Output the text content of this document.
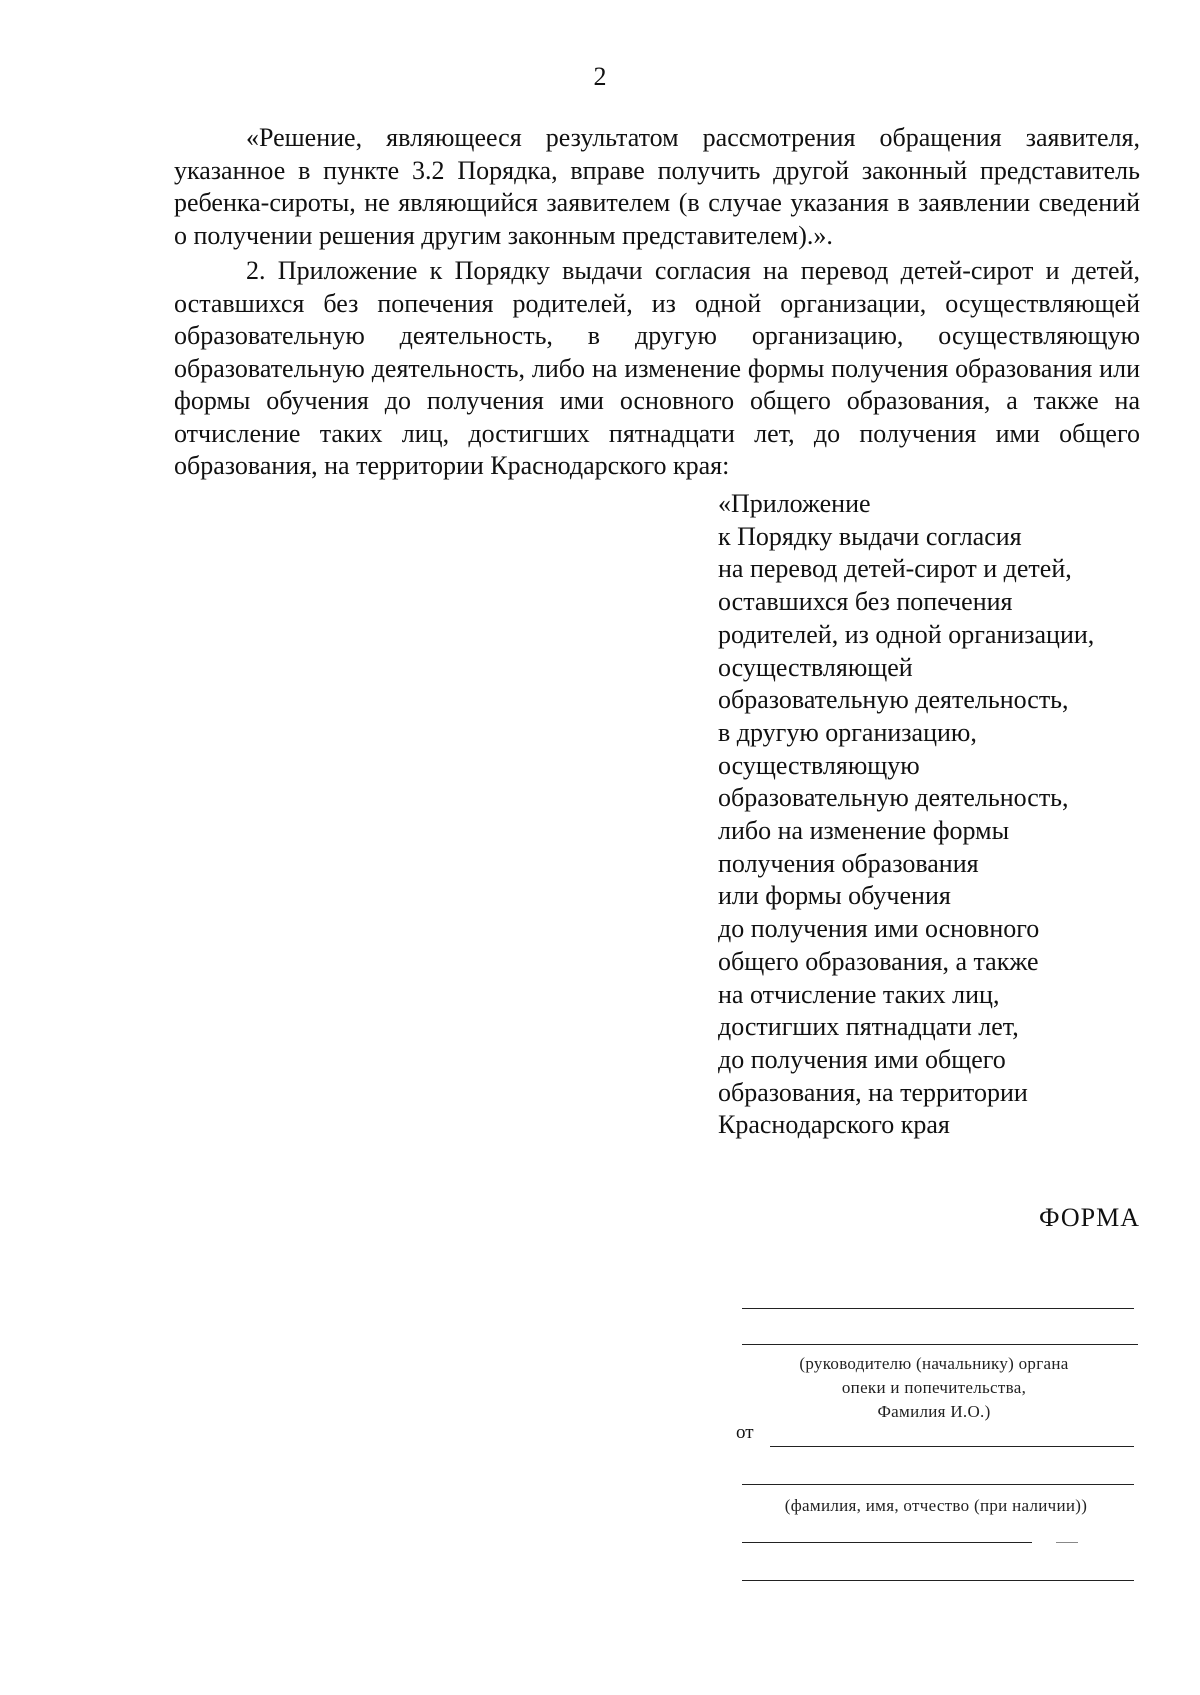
2

«Решение, являющееся результатом рассмотрения обращения заявителя, указанное в пункте 3.2 Порядка, вправе получить другой законный представитель ребенка-сироты, не являющийся заявителем (в случае указания в заявлении сведений о получении решения другим законным представителем).».

2. Приложение к Порядку выдачи согласия на перевод детей-сирот и детей, оставшихся без попечения родителей, из одной организации, осуществляющей образовательную деятельность, в другую организацию, осуществляющую образовательную деятельность, либо на изменение формы получения образования или формы обучения до получения ими основного общего образования, а также на отчисление таких лиц, достигших пятнадцати лет, до получения ими общего образования, на территории Краснодарского края:

«Приложение
к Порядку выдачи согласия
на перевод детей-сирот и детей,
оставшихся без попечения
родителей, из одной организации,
осуществляющей
образовательную деятельность,
в другую организацию,
осуществляющую
образовательную деятельность,
либо на изменение формы
получения образования
или формы обучения
до получения ими основного
общего образования, а также
на отчисление таких лиц,
достигших пятнадцати лет,
до получения ими общего
образования, на территории
Краснодарского края
ФОРМА
(руководителю (начальнику) органа
опеки и попечительства,
Фамилия И.О.)
от
(фамилия, имя, отчество (при наличии))
